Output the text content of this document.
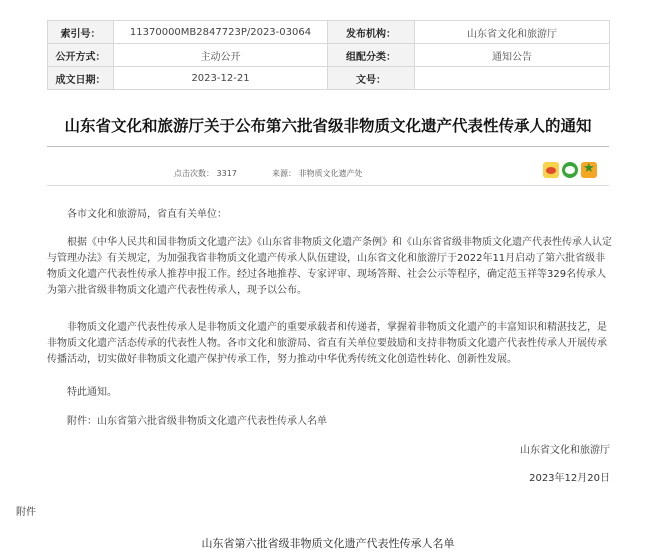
索引号：	11370000MB2847723P/2023-03064	发布机构：	山东省文化和旅游厅
公开方式：	主动公开	组配分类：	通知公告
成文日期：	2023-12-21	文号：	
山东省文化和旅游厅关于公布第六批省级非物质文化遗产代表性传承人的通知
点击次数： 3317	来源： 非物质文化遗产处
★

各市文化和旅游局，省直有关单位：

根据《中华人民共和国非物质文化遗产法》《山东省非物质文化遗产条例》和《山东省省级非物质文化遗产代表性传承人认定与管理办法》有关规定，为加强我省非物质文化遗产传承人队伍建设，山东省文化和旅游厅于2022年11月启动了第六批省级非物质文化遗产代表性传承人推荐申报工作。经过各地推荐、专家评审、现场答辩、社会公示等程序，确定范玉祥等329名传承人为第六批省级非物质文化遗产代表性传承人，现予以公布。

非物质文化遗产代表性传承人是非物质文化遗产的重要承载者和传递者，掌握着非物质文化遗产的丰富知识和精湛技艺，是非物质文化遗产活态传承的代表性人物。各市文化和旅游局、省直有关单位要鼓励和支持非物质文化遗产代表性传承人开展传承传播活动，切实做好非物质文化遗产保护传承工作，努力推动中华优秀传统文化创造性转化、创新性发展。

特此通知。

附件：山东省第六批省级非物质文化遗产代表性传承人名单

山东省文化和旅游厅

2023年12月20日

附件
山东省第六批省级非物质文化遗产代表性传承人名单
